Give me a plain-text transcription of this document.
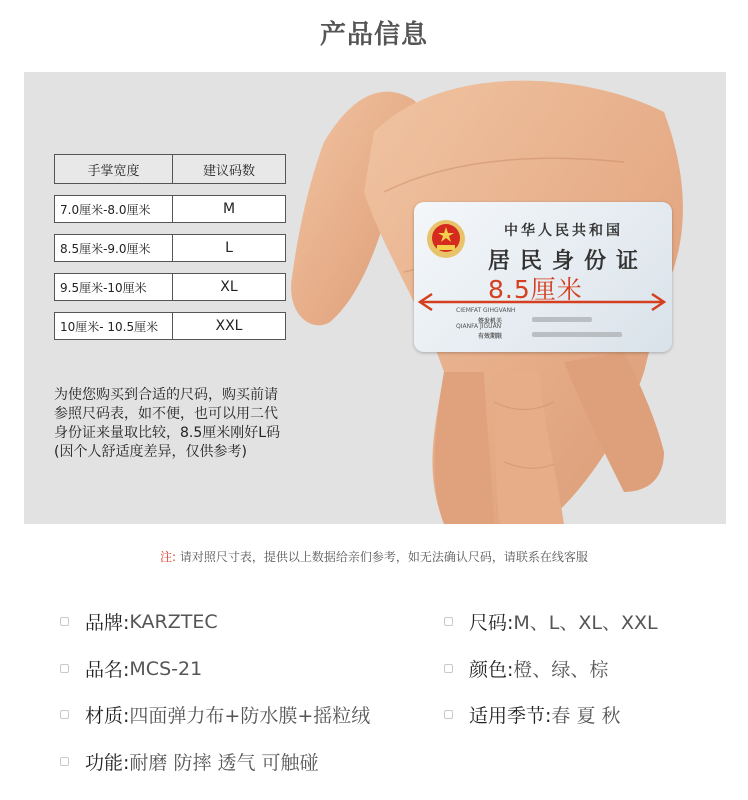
产品信息
手掌宽度	建议码数
7.0厘米-8.0厘米	M
8.5厘米-9.0厘米	L
9.5厘米-10厘米	XL
10厘米- 10.5厘米	XXL
为使您购买到合适的尺码，购买前请
参照尺码表，如不便，也可以用二代
身份证来量取比较，8.5厘米刚好L码
(因个人舒适度差异，仅供参考)
中华人民共和国
居民身份证
8.5厘米
CIEMFAT GIHGVANH
签发机关
QIANFA JIGUAN
有效期限
注: 请对照尺寸表，提供以上数据给亲们参考，如无法确认尺码，请联系在线客服
品牌: KARZTEC	尺码: M、L、XL、XXL
品名: MCS-21	颜色: 橙、绿、棕
材质: 四面弹力布+防水膜+摇粒绒	适用季节: 春 夏 秋
功能: 耐磨 防摔 透气 可触碰
